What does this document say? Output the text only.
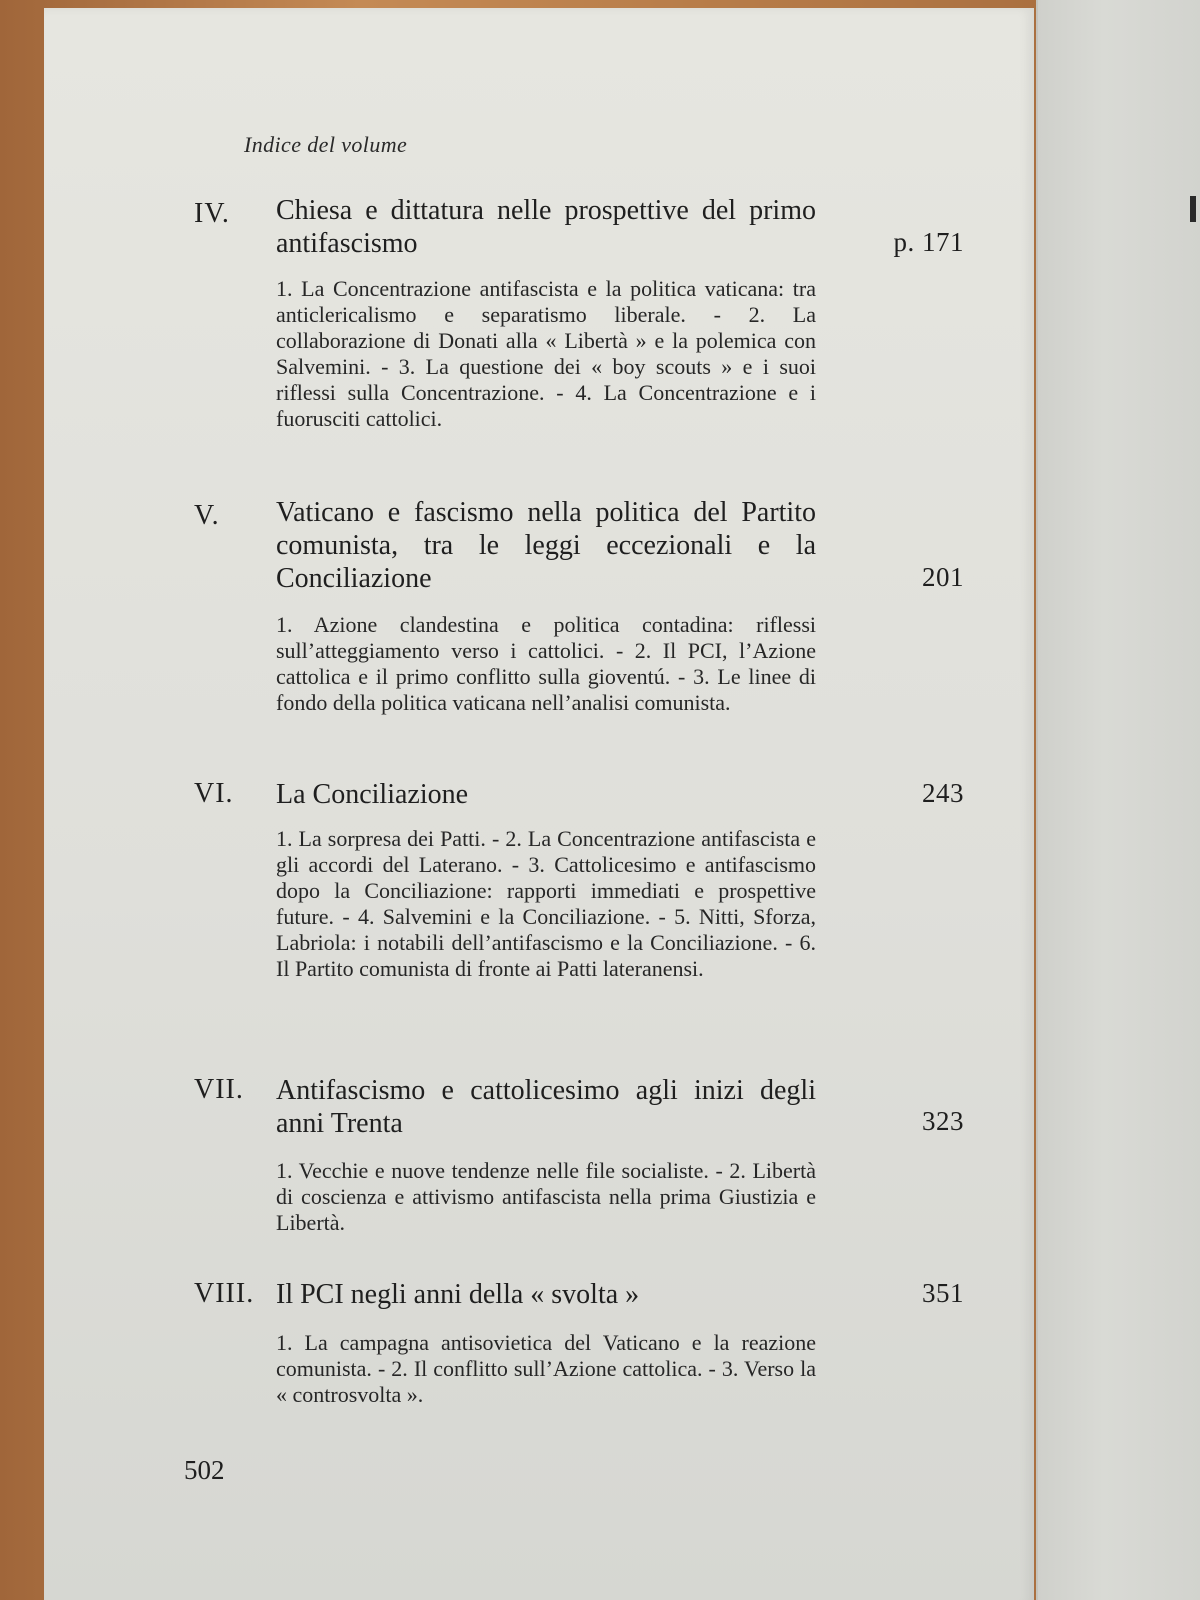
Indice del volume
IV. Chiesa e dittatura nelle prospettive del primo antifascismo	p. 171
1. La Concentrazione antifascista e la politica vaticana: tra anticlericalismo e separatismo liberale. - 2. La collaborazione di Donati alla « Libertà » e la polemica con Salvemini. - 3. La questione dei « boy scouts » e i suoi riflessi sulla Concentrazione. - 4. La Concentrazione e i fuorusciti cattolici.
V. Vaticano e fascismo nella politica del Partito comunista, tra le leggi eccezionali e la Conciliazione	201
1. Azione clandestina e politica contadina: riflessi sull’atteggiamento verso i cattolici. - 2. Il PCI, l’Azione cattolica e il primo conflitto sulla gioventú. - 3. Le linee di fondo della politica vaticana nell’analisi comunista.
VI. La Conciliazione	243
1. La sorpresa dei Patti. - 2. La Concentrazione antifascista e gli accordi del Laterano. - 3. Cattolicesimo e antifascismo dopo la Conciliazione: rapporti immediati e prospettive future. - 4. Salvemini e la Conciliazione. - 5. Nitti, Sforza, Labriola: i notabili dell’antifascismo e la Conciliazione. - 6. Il Partito comunista di fronte ai Patti lateranensi.
VII. Antifascismo e cattolicesimo agli inizi degli anni Trenta	323
1. Vecchie e nuove tendenze nelle file socialiste. - 2. Libertà di coscienza e attivismo antifascista nella prima Giustizia e Libertà.
VIII. Il PCI negli anni della « svolta »	351
1. La campagna antisovietica del Vaticano e la reazione comunista. - 2. Il conflitto sull’Azione cattolica. - 3. Verso la « controsvolta ».
502
